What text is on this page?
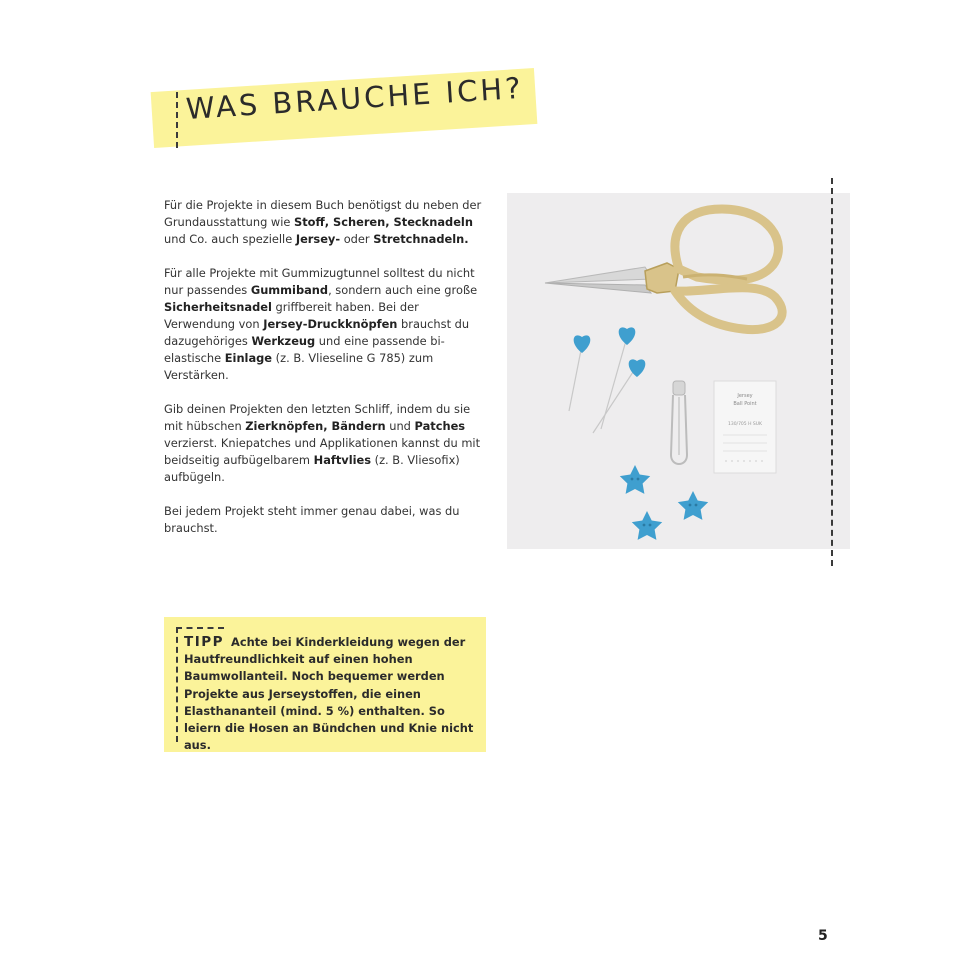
WAS BRAUCHE ICH?

Für die Projekte in diesem Buch benötigst du neben der Grundausstattung wie Stoff, Scheren, Stecknadeln und Co. auch spezielle Jersey- oder Stretchnadeln.

Für alle Projekte mit Gummizugtunnel solltest du nicht nur passendes Gummiband, sondern auch eine große Sicherheitsnadel griffbereit haben. Bei der Verwendung von Jersey-Druckknöpfen brauchst du dazugehöriges Werkzeug und eine passende bi-elastische Einlage (z. B. Vlieseline G 785) zum Verstärken.

Gib deinen Projekten den letzten Schliff, indem du sie mit hübschen Zierknöpfen, Bändern und Patches verzierst. Kniepatches und Applikationen kannst du mit beidseitig aufbügelbarem Haftvlies (z. B. Vliesofix) aufbügeln.

Bei jedem Projekt steht immer genau dabei, was du brauchst.

Jersey
Ball Point
130/705 H SUK
TIPP Achte bei Kinderkleidung wegen der Hautfreundlichkeit auf einen hohen Baumwollanteil. Noch bequemer werden Projekte aus Jerseystoffen, die einen Elasthananteil (mind. 5 %) enthalten. So leiern die Hosen an Bündchen und Knie nicht aus.
5
